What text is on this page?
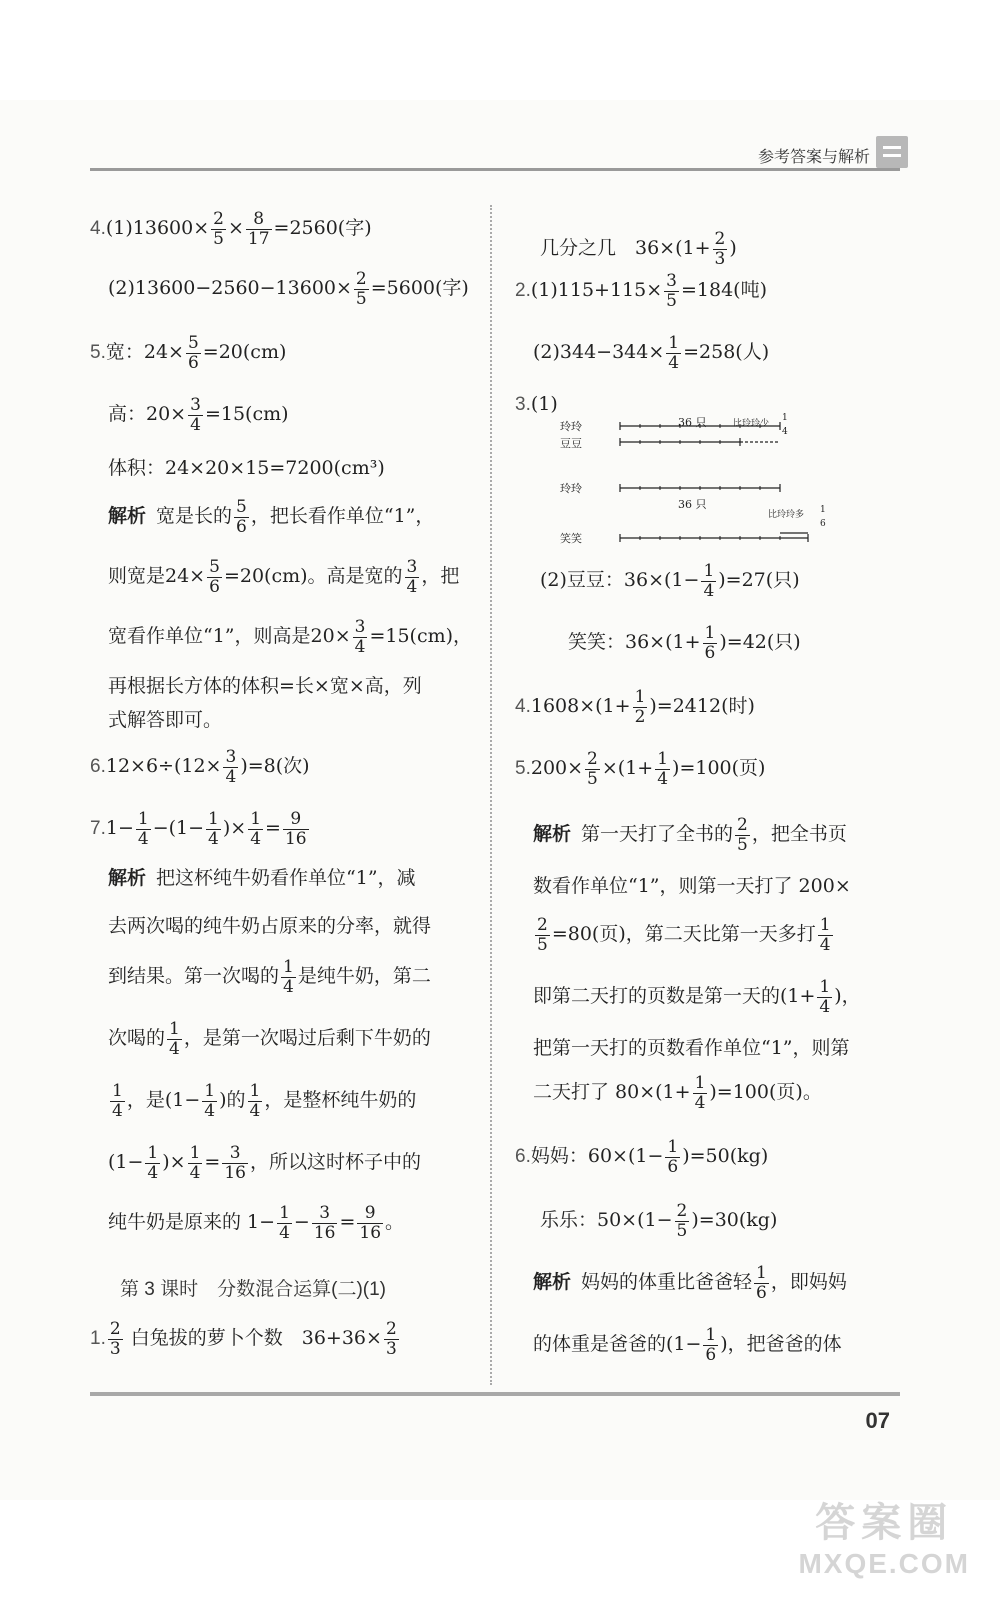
参考答案与解析
$4.(1)13600\times \frac{2}{5} \times \frac{8}{17} =2560$(字)
$(2)13600-2560-13600\times \frac{2}{5} =5600$(字)
5.宽：$24\times \frac{5}{6} =20(cm)$
高：$20\times \frac{3}{4} =15(cm)$
体积：24×20×15=7200(cm³)
解析 宽是长的 $\frac{5}{6}$ ，把长看作单位“1”，
则宽是$24\times \frac{5}{6} =20(cm)$。高是宽的 $\frac{3}{4}$ ，把
宽看作单位“1”，则高是$20\times \frac{3}{4} =15(cm)$，
再根据长方体的体积=长×宽×高，列
式解答即可。
$6.12\times 6\div(12\times \frac{3}{4} )=8$(次)
$7.1- \frac{1}{4} -(1- \frac{1}{4}$ )× $\frac{1}{4} = \frac{9}{16}$
解析 把这杯纯牛奶看作单位“1”，减
去两次喝的纯牛奶占原来的分率，就得
到结果。第一次喝的 $\frac{1}{4}$ 是纯牛奶，第二
次喝的 $\frac{1}{4}$ ，是第一次喝过后剩下牛奶的
$\frac{1}{4}$ ，是($1- \frac{1}{4}$ )的 $\frac{1}{4}$ ，是整杯纯牛奶的
($1- \frac{1}{4}$ )× $\frac{1}{4} = \frac{3}{16}$ ，所以这时杯子中的
纯牛奶是原来的 $1- \frac{1}{4} - \frac{3}{16} = \frac{9}{16}$ 。
第 3 课时　分数混合运算(二)(1)
1. $\frac{2}{3}$ 白兔拔的萝卜个数　$36+36\times \frac{2}{3}$
几分之几　$36\times(1+ \frac{2}{3}$ )
$2.(1)115+115\times \frac{3}{5} =184$(吨)
$(2)344-344\times \frac{1}{4} =258$(人)
3.(1)
玲玲
豆豆
玲玲
笑笑
36 只	比玲玲少
1
4
36 只
比玲玲多 1
6
(2)豆豆：$36\times(1- \frac{1}{4} )=27$(只)
笑笑：$36\times(1+ \frac{1}{6} )=42$(只)
$4.1608\times(1+ \frac{1}{2} )=2412$(时)
$5.200\times \frac{2}{5} \times(1+ \frac{1}{4} )=100$(页)
解析 第一天打了全书的 $\frac{2}{5}$ ，把全书页
数看作单位“1”，则第一天打了 200×
$\frac{2}{5} =80$(页)，第二天比第一天多打 $\frac{1}{4}$
即第二天打的页数是第一天的($1+ \frac{1}{4}$ )，
把第一天打的页数看作单位“1”，则第
二天打了 $80\times(1+ \frac{1}{4} )=100$(页)。
6.妈妈：$60\times(1- \frac{1}{6} )=50(kg)$
乐乐：$50\times(1- \frac{2}{5} )=30(kg)$
解析 妈妈的体重比爸爸轻 $\frac{1}{6}$ ，即妈妈
的体重是爸爸的($1- \frac{1}{6}$ )，把爸爸的体
07
答案圈
MXQE.COM
